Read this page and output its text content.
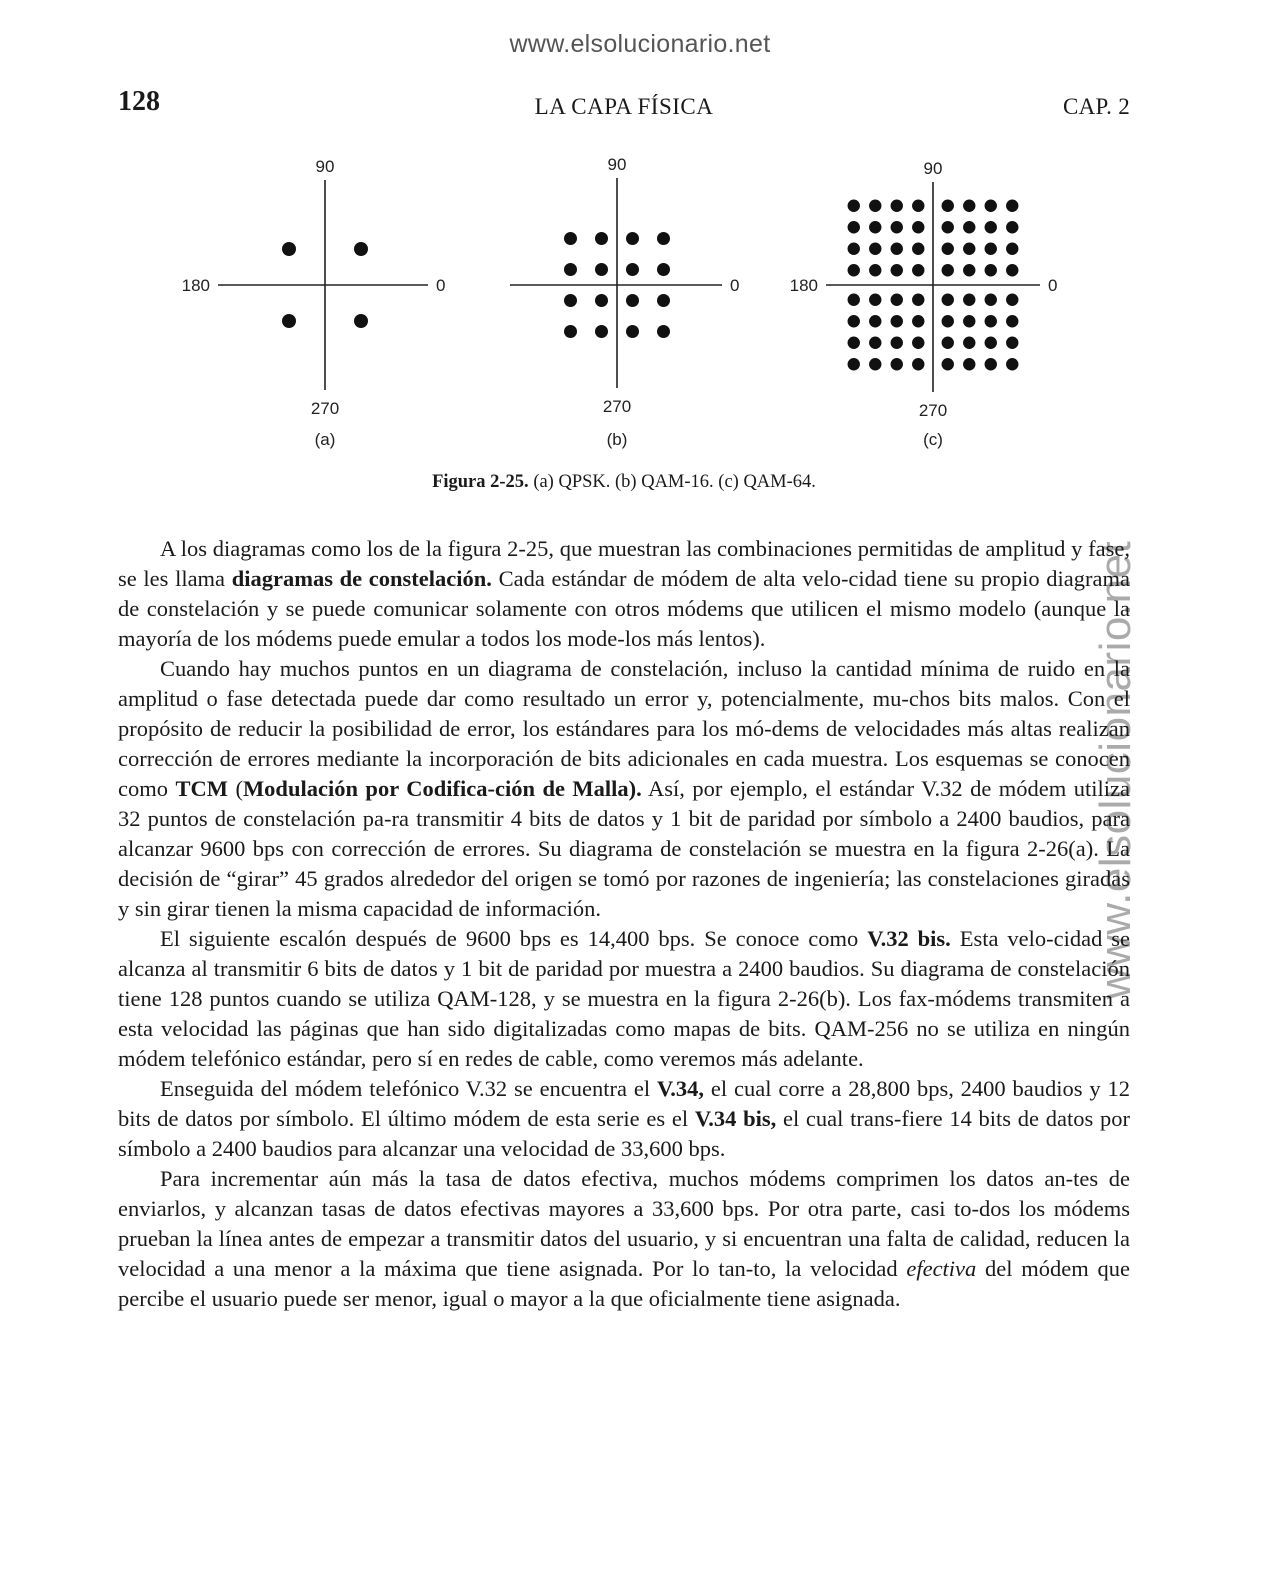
www.elsolucionario.net
www.elsolucionario.net
128	LA CAPA FÍSICA	CAP. 2
90
270
180	0
(a)
90
270
0
(b)
90
270
180	0
(c)
Figura 2-25. (a) QPSK. (b) QAM-16. (c) QAM-64.

A los diagramas como los de la figura 2-25, que muestran las combinaciones permitidas de amplitud y fase, se les llama diagramas de constelación. Cada estándar de módem de alta velo-cidad tiene su propio diagrama de constelación y se puede comunicar solamente con otros módems que utilicen el mismo modelo (aunque la mayoría de los módems puede emular a todos los mode-los más lentos).

Cuando hay muchos puntos en un diagrama de constelación, incluso la cantidad mínima de ruido en la amplitud o fase detectada puede dar como resultado un error y, potencialmente, mu-chos bits malos. Con el propósito de reducir la posibilidad de error, los estándares para los mó-dems de velocidades más altas realizan corrección de errores mediante la incorporación de bits adicionales en cada muestra. Los esquemas se conocen como TCM (Modulación por Codifica-ción de Malla). Así, por ejemplo, el estándar V.32 de módem utiliza 32 puntos de constelación pa-ra transmitir 4 bits de datos y 1 bit de paridad por símbolo a 2400 baudios, para alcanzar 9600 bps con corrección de errores. Su diagrama de constelación se muestra en la figura 2-26(a). La decisión de “girar” 45 grados alrededor del origen se tomó por razones de ingeniería; las constelaciones giradas y sin girar tienen la misma capacidad de información.

El siguiente escalón después de 9600 bps es 14,400 bps. Se conoce como V.32 bis. Esta velo-cidad se alcanza al transmitir 6 bits de datos y 1 bit de paridad por muestra a 2400 baudios. Su diagrama de constelación tiene 128 puntos cuando se utiliza QAM-128, y se muestra en la figura 2-26(b). Los fax-módems transmiten a esta velocidad las páginas que han sido digitalizadas como mapas de bits. QAM-256 no se utiliza en ningún módem telefónico estándar, pero sí en redes de cable, como veremos más adelante.

Enseguida del módem telefónico V.32 se encuentra el V.34, el cual corre a 28,800 bps, 2400 baudios y 12 bits de datos por símbolo. El último módem de esta serie es el V.34 bis, el cual trans-fiere 14 bits de datos por símbolo a 2400 baudios para alcanzar una velocidad de 33,600 bps.

Para incrementar aún más la tasa de datos efectiva, muchos módems comprimen los datos an-tes de enviarlos, y alcanzan tasas de datos efectivas mayores a 33,600 bps. Por otra parte, casi to-dos los módems prueban la línea antes de empezar a transmitir datos del usuario, y si encuentran una falta de calidad, reducen la velocidad a una menor a la máxima que tiene asignada. Por lo tan-to, la velocidad efectiva del módem que percibe el usuario puede ser menor, igual o mayor a la que oficialmente tiene asignada.
